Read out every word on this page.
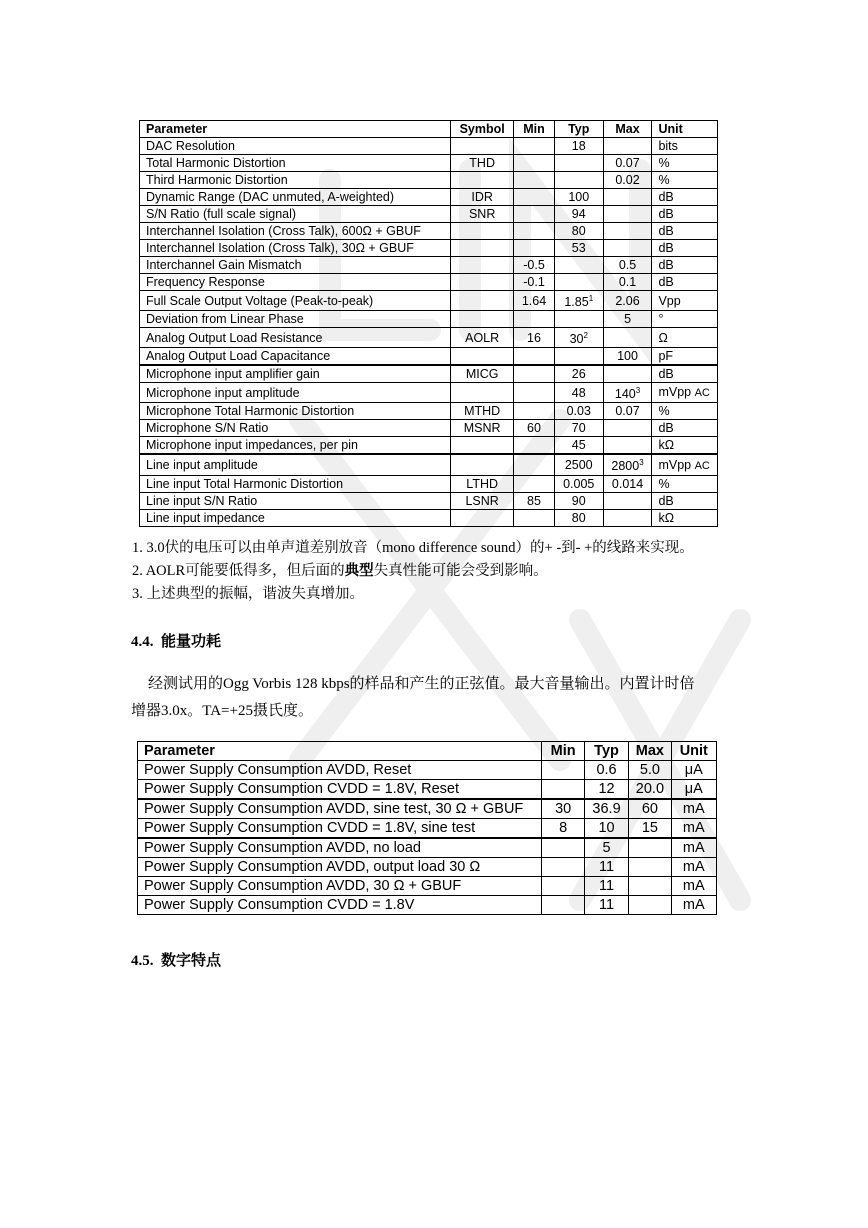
Parameter	Symbol	Min	Typ	Max	Unit
DAC Resolution			18		bits
Total Harmonic Distortion	THD			0.07	%
Third Harmonic Distortion				0.02	%
Dynamic Range (DAC unmuted, A-weighted)	IDR		100		dB
S/N Ratio (full scale signal)	SNR		94		dB
Interchannel Isolation (Cross Talk), 600Ω + GBUF			80		dB
Interchannel Isolation (Cross Talk), 30Ω + GBUF			53		dB
Interchannel Gain Mismatch		-0.5		0.5	dB
Frequency Response		-0.1		0.1	dB
Full Scale Output Voltage (Peak-to-peak)		1.64	1.85$^1$	2.06	Vpp
Deviation from Linear Phase				5	°
Analog Output Load Resistance	AOLR	16	$30^2$		Ω
Analog Output Load Capacitance				100	pF
Microphone input amplifier gain	MICG		26		dB
Microphone input amplitude			48	$140^3$	mVpp AC
Microphone Total Harmonic Distortion	MTHD		0.03	0.07	%
Microphone S/N Ratio	MSNR	60	70		dB
Microphone input impedances, per pin			45		kΩ
Line input amplitude			2500	2800$^3$	mVpp AC
Line input Total Harmonic Distortion	LTHD		0.005	0.014	%
Line input S/N Ratio	LSNR	85	90		dB
Line input impedance			80		kΩ
1. 3.0伏的电压可以由单声道差别放音（mono difference sound）的+ -到- +的线路来实现。
2. AOLR可能要低得多，但后面的典型失真性能可能会受到影响。
3. 上述典型的振幅，谐波失真增加。
4.4. 能量功耗
经测试用的Ogg Vorbis 128 kbps的样品和产生的正弦值。最大音量输出。内置计时倍
增器3.0x。TA=+25摄氏度。
Parameter	Min	Typ	Max	Unit
Power Supply Consumption AVDD, Reset		0.6	5.0	μA
Power Supply Consumption CVDD = 1.8V, Reset		12	20.0	μA
Power Supply Consumption AVDD, sine test, 30 Ω + GBUF	30	36.9	60	mA
Power Supply Consumption CVDD = 1.8V, sine test	8	10	15	mA
Power Supply Consumption AVDD, no load		5		mA
Power Supply Consumption AVDD, output load 30 Ω		11		mA
Power Supply Consumption AVDD, 30 Ω + GBUF		11		mA
Power Supply Consumption CVDD = 1.8V		11		mA
4.5. 数字特点
